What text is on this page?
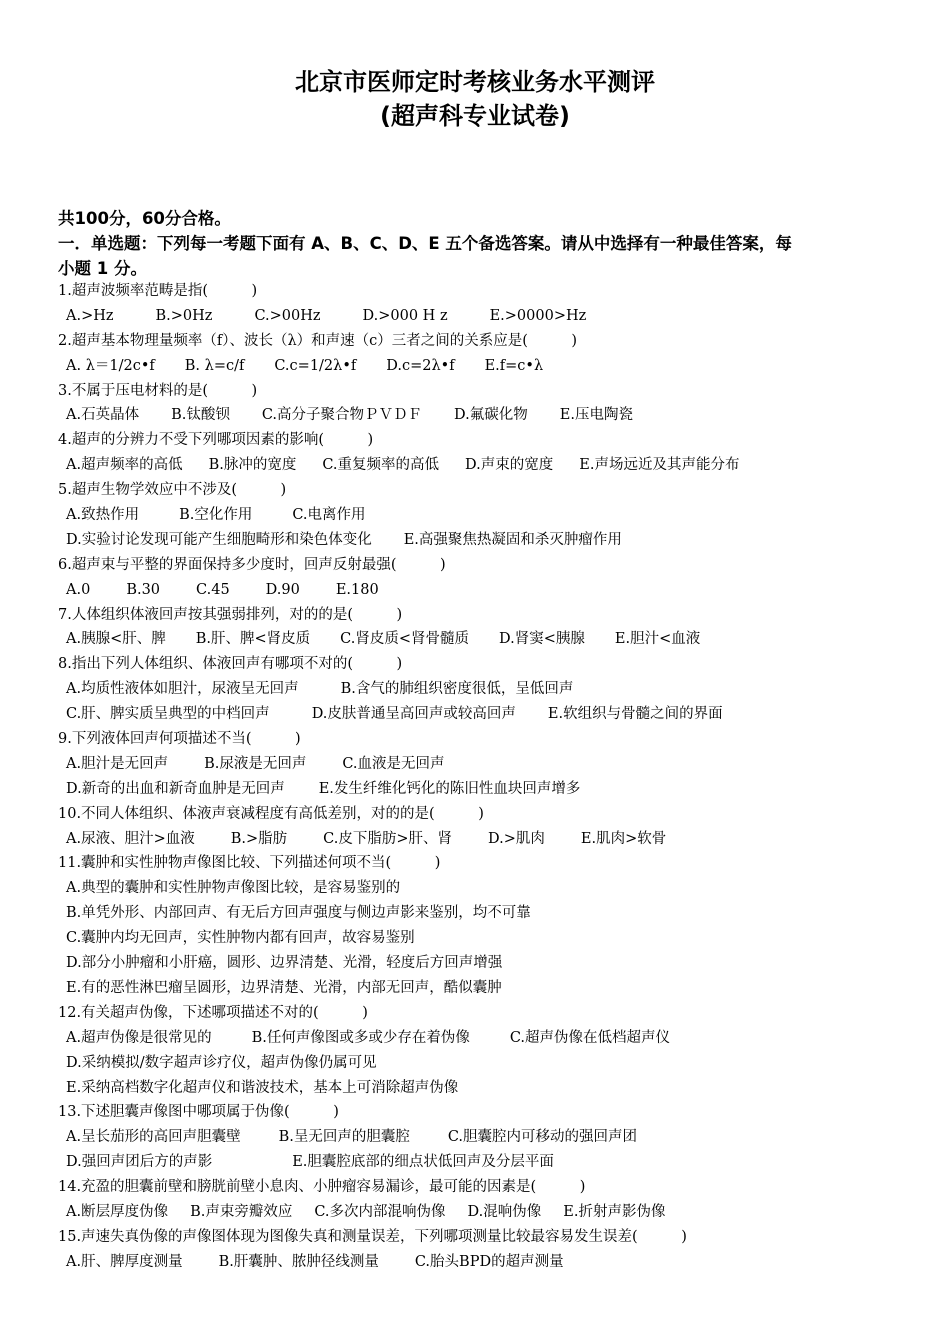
北京市医师定时考核业务水平测评
(超声科专业试卷)
共100分，60分合格。
一．单选题：下列每一考题下面有 A、B、C、D、E 五个备选答案。请从中选择有一种最佳答案，每
小题 1 分。
1.超声波频率范畴是指(　　　)
A.>Hz	B.>0Hz	C.>00Hz	D.>000 H z	E.>0000>Hz
2.超声基本物理量频率（f）、波长（λ）和声速（c）三者之间的关系应是(　　　)
A. λ＝1/2c•f B. λ=c/f C.c=1/2λ•f D.c=2λ•f E.f=c•λ
3.不属于压电材料的是(　　　)
A.石英晶体 B.钛酸钡 C.高分子聚合物ＰＶＤＦ D.氟碳化物 E.压电陶瓷
4.超声的分辨力不受下列哪项因素的影响(　　　)
A.超声频率的高低 B.脉冲的宽度 C.重复频率的高低 D.声束的宽度 E.声场远近及其声能分布
5.超声生物学效应中不涉及(　　　)
A.致热作用	B.空化作用	C.电离作用
D.实验讨论发现可能产生细胞畸形和染色体变化 E.高强聚焦热凝固和杀灭肿瘤作用
6.超声束与平整的界面保持多少度时，回声反射最强(　　　)
A.0 B.30 C.45 D.90 E.180
7.人体组织体液回声按其强弱排列，对的的是(　　　)
A.胰腺<肝、脾 B.肝、脾<肾皮质 C.肾皮质<肾骨髓质 D.肾窦<胰腺 E.胆汁<血液
8.指出下列人体组织、体液回声有哪项不对的(　　　)
A.均质性液体如胆汁，尿液呈无回声	B.含气的肺组织密度很低，呈低回声
C.肝、脾实质呈典型的中档回声	D.皮肤普通呈高回声或较高回声 E.软组织与骨髓之间的界面
9.下列液体回声何项描述不当(　　　)
A.胆汁是无回声 B.尿液是无回声 C.血液是无回声
D.新奇的出血和新奇血肿是无回声 E.发生纤维化钙化的陈旧性血块回声增多
10.不同人体组织、体液声衰减程度有高低差别，对的的是(　　　)
A.尿液、胆汁>血液 B.>脂肪 C.皮下脂肪>肝、肾 D.>肌肉 E.肌肉>软骨
11.囊肿和实性肿物声像图比较、下列描述何项不当(　　　)
A.典型的囊肿和实性肿物声像图比较，是容易鉴别的
B.单凭外形、内部回声、有无后方回声强度与侧边声影来鉴别，均不可靠
C.囊肿内均无回声，实性肿物内都有回声，故容易鉴别
D.部分小肿瘤和小肝癌，圆形、边界清楚、光滑，轻度后方回声增强
E.有的恶性淋巴瘤呈圆形，边界清楚、光滑，内部无回声，酷似囊肿
12.有关超声伪像，下述哪项描述不对的(　　　)
A.超声伪像是很常见的	B.任何声像图或多或少存在着伪像	C.超声伪像在低档超声仪
D.采纳模拟/数字超声诊疗仪，超声伪像仍属可见
E.采纳高档数字化超声仪和谐波技术，基本上可消除超声伪像
13.下述胆囊声像图中哪项属于伪像(　　　)
A.呈长茄形的高回声胆囊壁	B.呈无回声的胆囊腔	C.胆囊腔内可移动的强回声团
D.强回声团后方的声影	E.胆囊腔底部的细点状低回声及分层平面
14.充盈的胆囊前壁和膀胱前壁小息肉、小肿瘤容易漏诊，最可能的因素是(　　　)
A.断层厚度伪像 B.声束旁瓣效应 C.多次内部混响伪像 D.混响伪像 E.折射声影伪像
15.声速失真伪像的声像图体现为图像失真和测量误差，下列哪项测量比较最容易发生误差(　　　)
A.肝、脾厚度测量 B.肝囊肿、脓肿径线测量 C.胎头BPD的超声测量
